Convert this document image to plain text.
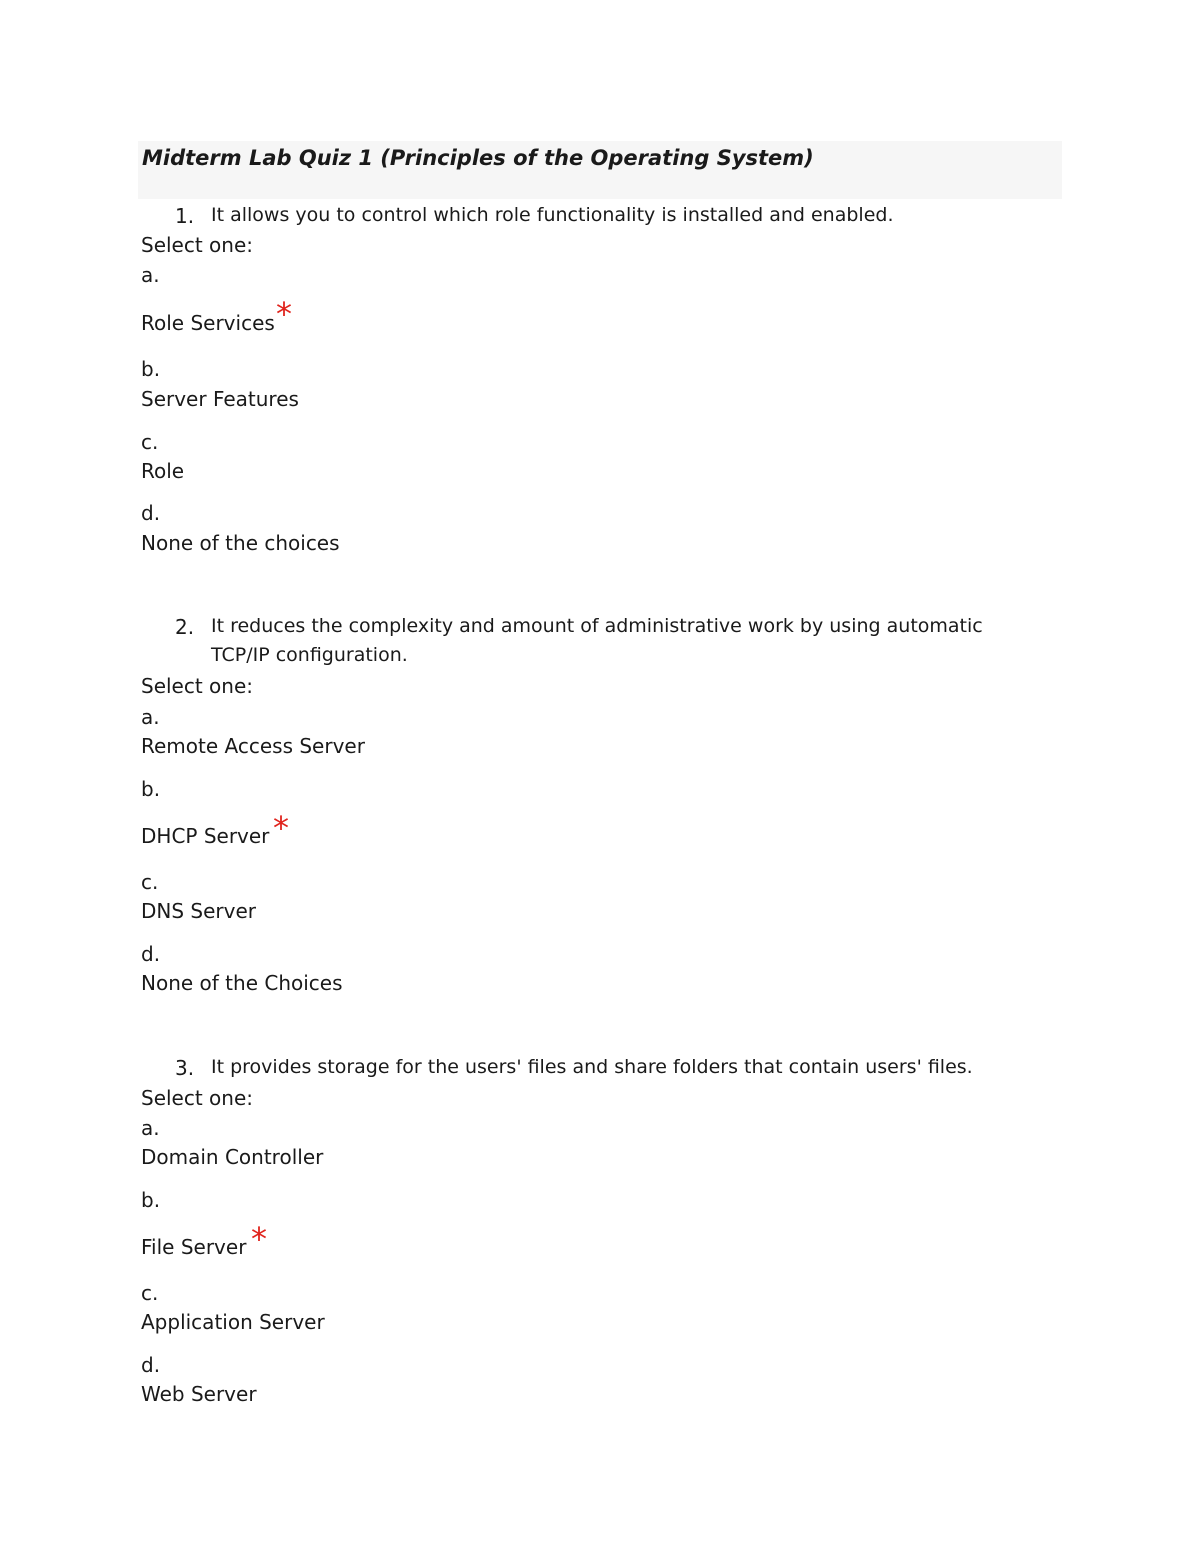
Midterm Lab Quiz 1 (Principles of the Operating System)
1. It allows you to control which role functionality is installed and enabled.
Select one:
a.
Role Services *
b.
Server Features
c.
Role
d.
None of the choices
2. It reduces the complexity and amount of administrative work by using automatic TCP/IP configuration.
Select one:
a.
Remote Access Server
b.
DHCP Server *
c.
DNS Server
d.
None of the Choices
3. It provides storage for the users' files and share folders that contain users' files.
Select one:
a.
Domain Controller
b.
File Server *
c.
Application Server
d.
Web Server
